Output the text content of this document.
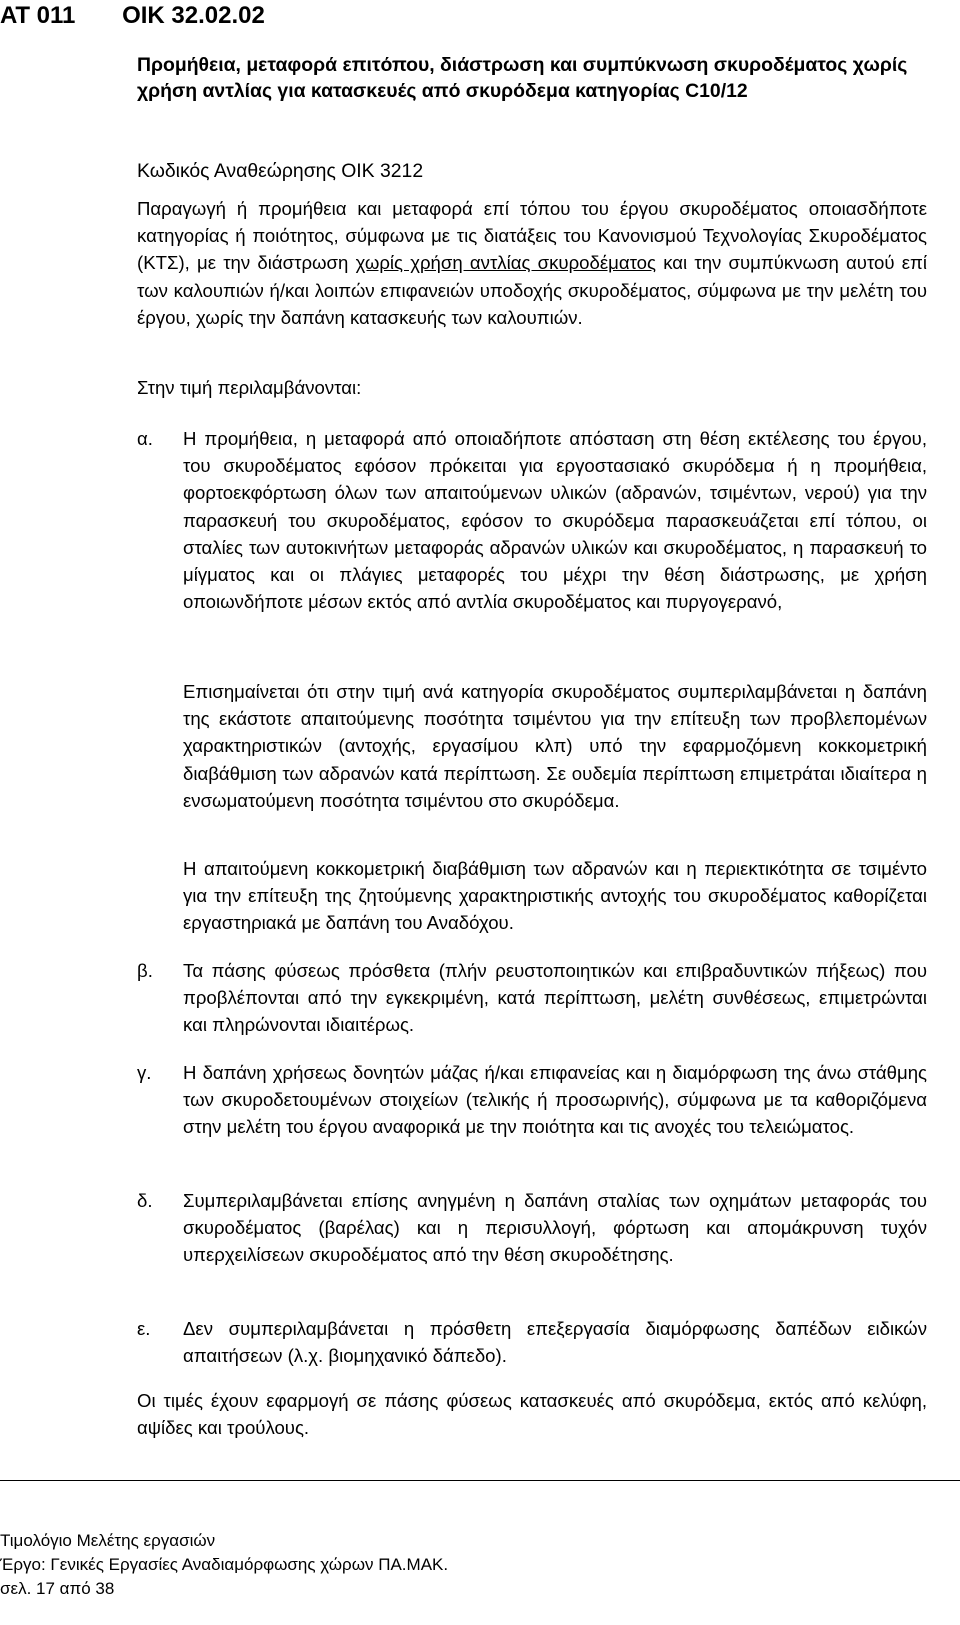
ΑΤ 011 ΟΙΚ 32.02.02
Προμήθεια, μεταφορά επιτόπου, διάστρωση και συμπύκνωση σκυροδέματος χωρίς χρήση αντλίας για κατασκευές από σκυρόδεμα κατηγορίας C10/12
Κωδικός Αναθεώρησης ΟΙΚ 3212
Παραγωγή ή προμήθεια και μεταφορά επί τόπου του έργου σκυροδέματος οποιασδήποτε κατηγορίας ή ποιότητος, σύμφωνα με τις διατάξεις του Κανονισμού Τεχνολογίας Σκυροδέματος (ΚΤΣ), με την διάστρωση χωρίς χρήση αντλίας σκυροδέματος και την συμπύκνωση αυτού επί των καλουπιών ή/και λοιπών επιφανειών υποδοχής σκυροδέματος, σύμφωνα με την μελέτη του έργου, χωρίς την δαπάνη κατασκευής των καλουπιών.
Στην τιμή περιλαμβάνονται:
α. Η προμήθεια, η μεταφορά από οποιαδήποτε απόσταση στη θέση εκτέλεσης του έργου, του σκυροδέματος εφόσον πρόκειται για εργοστασιακό σκυρόδεμα ή η προμήθεια, φορτοεκφόρτωση όλων των απαιτούμενων υλικών (αδρανών, τσιμέντων, νερού) για την παρασκευή του σκυροδέματος, εφόσον το σκυρόδεμα παρασκευάζεται επί τόπου, οι σταλίες των αυτοκινήτων μεταφοράς αδρανών υλικών και σκυροδέματος, η παρασκευή το μίγματος και οι πλάγιες μεταφορές του μέχρι την θέση διάστρωσης, με χρήση οποιωνδήποτε μέσων εκτός από αντλία σκυροδέματος και πυργογερανό,
Επισημαίνεται ότι στην τιμή ανά κατηγορία σκυροδέματος συμπεριλαμβάνεται η δαπάνη της εκάστοτε απαιτούμενης ποσότητα τσιμέντου για την επίτευξη των προβλεπομένων χαρακτηριστικών (αντοχής, εργασίμου κλπ) υπό την εφαρμοζόμενη κοκκομετρική διαβάθμιση των αδρανών κατά περίπτωση. Σε ουδεμία περίπτωση επιμετράται ιδιαίτερα η ενσωματούμενη ποσότητα τσιμέντου στο σκυρόδεμα.
Η απαιτούμενη κοκκομετρική διαβάθμιση των αδρανών και η περιεκτικότητα σε τσιμέντο για την επίτευξη της ζητούμενης χαρακτηριστικής αντοχής του σκυροδέματος καθορίζεται εργαστηριακά με δαπάνη του Αναδόχου.
β. Τα πάσης φύσεως πρόσθετα (πλήν ρευστοποιητικών και επιβραδυντικών πήξεως) που προβλέπονται από την εγκεκριμένη, κατά περίπτωση, μελέτη συνθέσεως, επιμετρώνται και πληρώνονται ιδιαιτέρως.
γ. Η δαπάνη χρήσεως δονητών μάζας ή/και επιφανείας και η διαμόρφωση της άνω στάθμης των σκυροδετουμένων στοιχείων (τελικής ή προσωρινής), σύμφωνα με τα καθοριζόμενα στην μελέτη του έργου αναφορικά με την ποιότητα και τις ανοχές του τελειώματος.
δ. Συμπεριλαμβάνεται επίσης ανηγμένη η δαπάνη σταλίας των οχημάτων μεταφοράς του σκυροδέματος (βαρέλας) και η περισυλλογή, φόρτωση και απομάκρυνση τυχόν υπερχειλίσεων σκυροδέματος από την θέση σκυροδέτησης.
ε. Δεν συμπεριλαμβάνεται η πρόσθετη επεξεργασία διαμόρφωσης δαπέδων ειδικών απαιτήσεων (λ.χ. βιομηχανικό δάπεδο).
Οι τιμές έχουν εφαρμογή σε πάσης φύσεως κατασκευές από σκυρόδεμα, εκτός από κελύφη, αψίδες και τρούλους.
Τιμολόγιο Μελέτης εργασιών
Έργο: Γενικές Εργασίες Αναδιαμόρφωσης χώρων ΠΑ.ΜΑΚ.
σελ. 17 από 38
